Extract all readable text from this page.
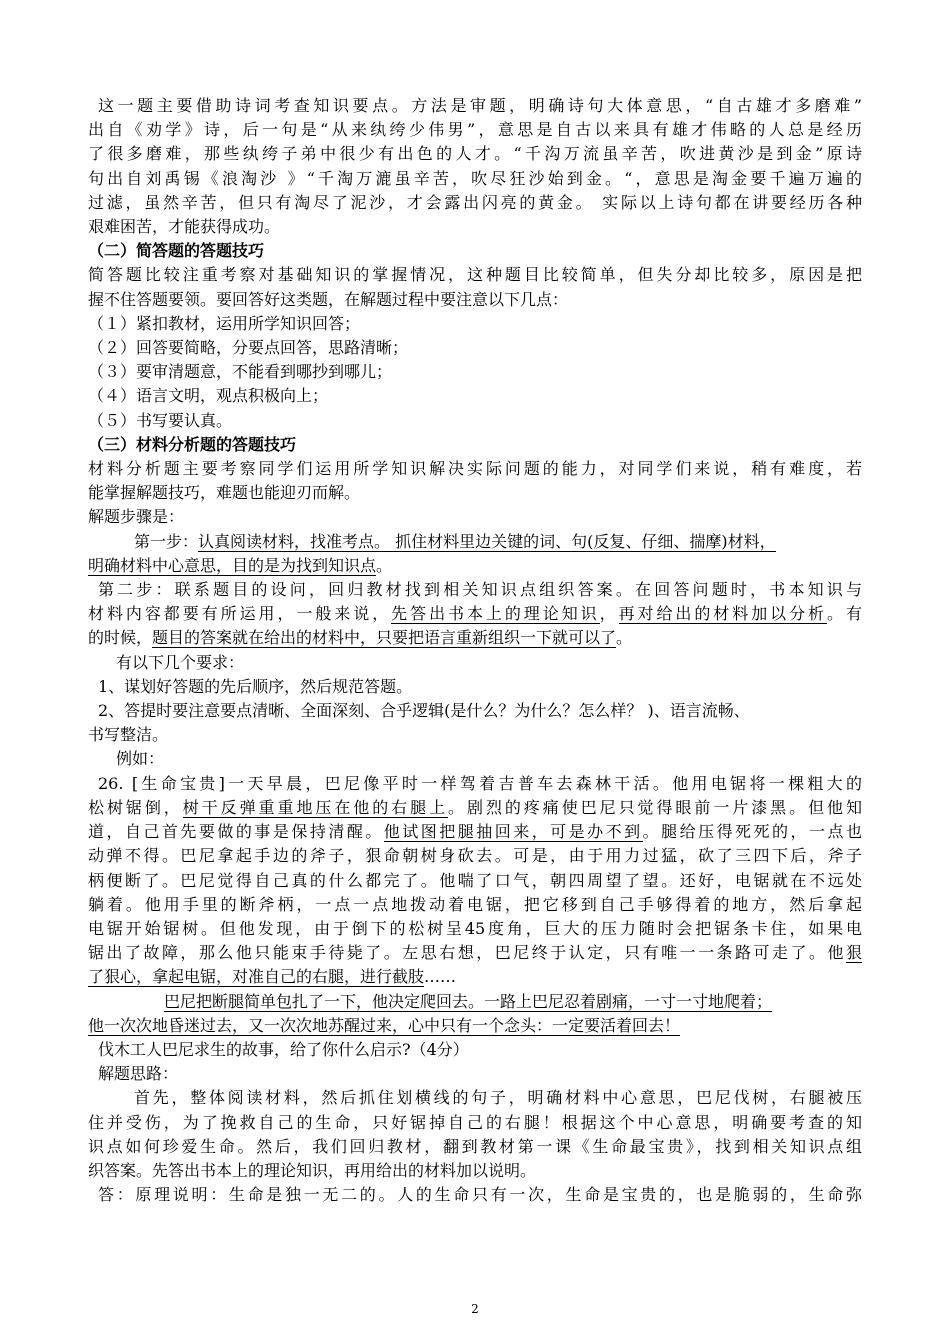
这一题主要借助诗词考查知识要点。方法是审题，明确诗句大体意思，“自古雄才多磨难”
出自《劝学》诗，后一句是“从来纨绔少伟男”，意思是自古以来具有雄才伟略的人总是经历
了很多磨难，那些纨绔子弟中很少有出色的人才。“千沟万流虽辛苦，吹进黄沙是到金”原诗
句出自刘禹锡《浪淘沙 》“千淘万漉虽辛苦，吹尽狂沙始到金。“，意思是淘金要千遍万遍的
过滤，虽然辛苦，但只有淘尽了泥沙，才会露出闪亮的黄金。 实际以上诗句都在讲要经历各种
艰难困苦，才能获得成功。
（二）简答题的答题技巧
简答题比较注重考察对基础知识的掌握情况，这种题目比较简单，但失分却比较多，原因是把
握不住答题要领。要回答好这类题，在解题过程中要注意以下几点：
（１）紧扣教材，运用所学知识回答；
（２）回答要简略，分要点回答，思路清晰；
（３）要审清题意，不能看到哪抄到哪儿；
（４）语言文明，观点积极向上；
（５）书写要认真。
（三）材料分析题的答题技巧
材料分析题主要考察同学们运用所学知识解决实际问题的能力，对同学们来说，稍有难度，若
能掌握解题技巧，难题也能迎刃而解。
解题步骤是：
第一步：认真阅读材料，找准考点。 抓住材料里边关键的词、句(反复、仔细、揣摩)材料，
明确材料中心意思，目的是为找到知识点。
第二步：联系题目的设问，回归教材找到相关知识点组织答案。在回答问题时，书本知识与
材料内容都要有所运用，一般来说，先答出书本上的理论知识，再对给出的材料加以分析。有
的时候，题目的答案就在给出的材料中，只要把语言重新组织一下就可以了。
有以下几个要求：
1、谋划好答题的先后顺序，然后规范答题。
2、答提时要注意要点清晰、全面深刻、合乎逻辑(是什么？为什么？怎么样？ )、语言流畅、
书写整洁。
例如：
26. [生命宝贵]一天早晨，巴尼像平时一样驾着吉普车去森林干活。他用电锯将一棵粗大的
松树锯倒，树干反弹重重地压在他的右腿上。剧烈的疼痛使巴尼只觉得眼前一片漆黑。但他知
道，自己首先要做的事是保持清醒。他试图把腿抽回来，可是办不到。腿给压得死死的，一点也
动弹不得。巴尼拿起手边的斧子，狠命朝树身砍去。可是，由于用力过猛，砍了三四下后，斧子
柄便断了。巴尼觉得自己真的什么都完了。他喘了口气，朝四周望了望。还好，电锯就在不远处
躺着。他用手里的断斧柄，一点一点地拨动着电锯，把它移到自己手够得着的地方，然后拿起
电锯开始锯树。但他发现，由于倒下的松树呈45度角，巨大的压力随时会把锯条卡住，如果电
锯出了故障，那么他只能束手待毙了。左思右想，巴尼终于认定，只有唯一一条路可走了。他狠
了狠心，拿起电锯，对准自己的右腿，进行截肢……
巴尼把断腿简单包扎了一下，他决定爬回去。一路上巴尼忍着剧痛，一寸一寸地爬着；
他一次次地昏迷过去，又一次次地苏醒过来，心中只有一个念头：一定要活着回去！
伐木工人巴尼求生的故事，给了你什么启示?（4分）
解题思路：
首先，整体阅读材料，然后抓住划横线的句子，明确材料中心意思，巴尼伐树，右腿被压
住并受伤，为了挽救自己的生命，只好锯掉自己的右腿！根据这个中心意思，明确要考查的知
识点如何珍爱生命。然后，我们回归教材，翻到教材第一课《生命最宝贵》，找到相关知识点组
织答案。先答出书本上的理论知识，再用给出的材料加以说明。
答：原理说明：生命是独一无二的。人的生命只有一次，生命是宝贵的，也是脆弱的，生命弥
2
